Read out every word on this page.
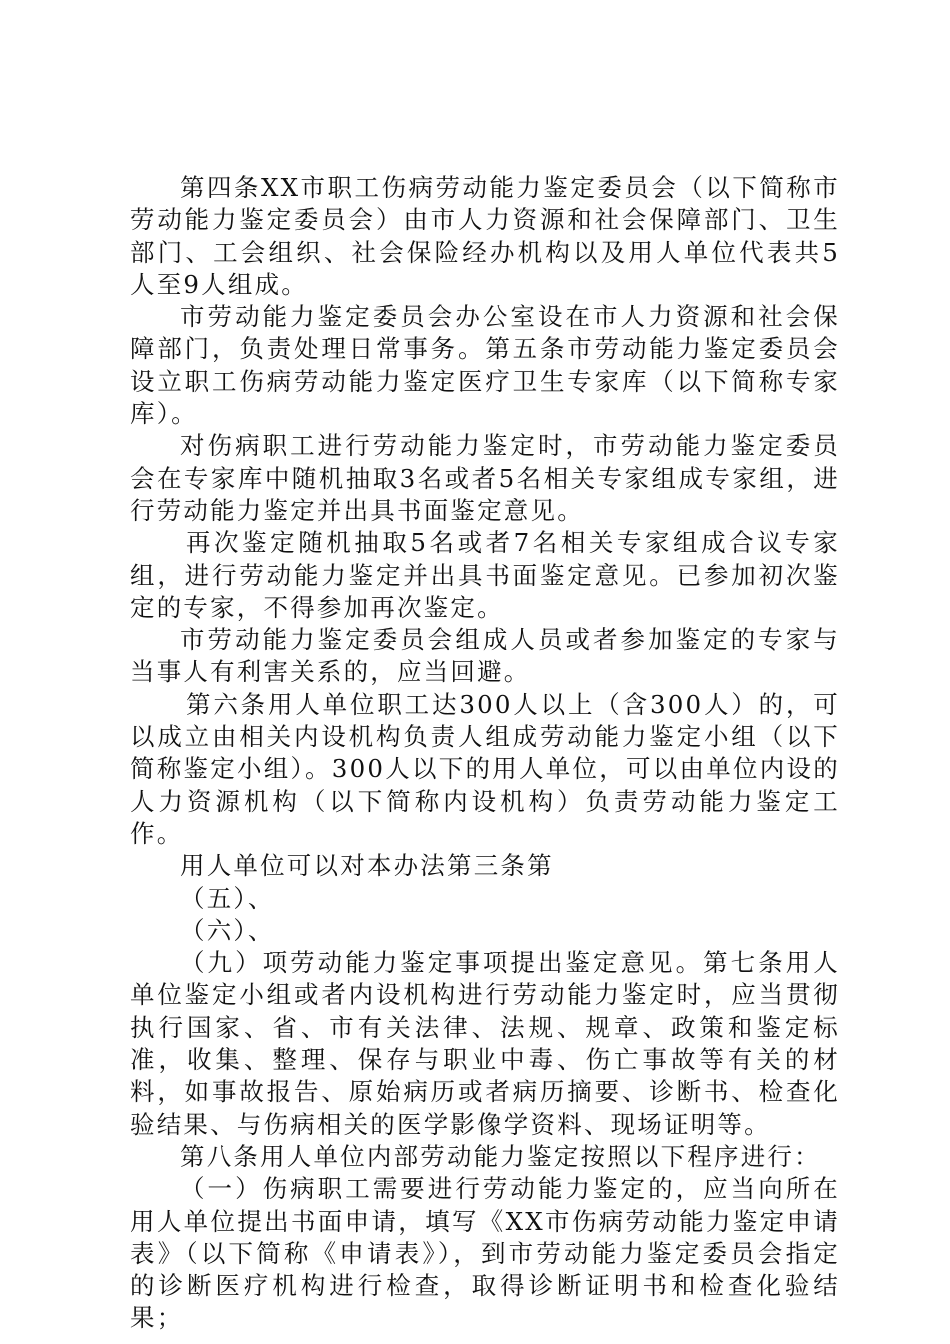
第四条XX市职工伤病劳动能力鉴定委员会（以下简称市劳动能力鉴定委员会）由市人力资源和社会保障部门、卫生部门、工会组织、社会保险经办机构以及用人单位代表共5人至9人组成。

市劳动能力鉴定委员会办公室设在市人力资源和社会保障部门，负责处理日常事务。第五条市劳动能力鉴定委员会设立职工伤病劳动能力鉴定医疗卫生专家库（以下简称专家库）。

对伤病职工进行劳动能力鉴定时，市劳动能力鉴定委员会在专家库中随机抽取3名或者5名相关专家组成专家组，进行劳动能力鉴定并出具书面鉴定意见。

再次鉴定随机抽取5名或者7名相关专家组成合议专家组，进行劳动能力鉴定并出具书面鉴定意见。已参加初次鉴定的专家，不得参加再次鉴定。

市劳动能力鉴定委员会组成人员或者参加鉴定的专家与当事人有利害关系的，应当回避。

第六条用人单位职工达300人以上（含300人）的，可以成立由相关内设机构负责人组成劳动能力鉴定小组（以下简称鉴定小组）。300人以下的用人单位，可以由单位内设的人力资源机构（以下简称内设机构）负责劳动能力鉴定工作。

用人单位可以对本办法第三条第

（五）、

（六）、

（九）项劳动能力鉴定事项提出鉴定意见。第七条用人单位鉴定小组或者内设机构进行劳动能力鉴定时，应当贯彻执行国家、省、市有关法律、法规、规章、政策和鉴定标准，收集、整理、保存与职业中毒、伤亡事故等有关的材料，如事故报告、原始病历或者病历摘要、诊断书、检查化验结果、与伤病相关的医学影像学资料、现场证明等。

第八条用人单位内部劳动能力鉴定按照以下程序进行：

（一）伤病职工需要进行劳动能力鉴定的，应当向所在用人单位提出书面申请，填写《XX市伤病劳动能力鉴定申请表》（以下简称《申请表》），到市劳动能力鉴定委员会指定的诊断医疗机构进行检查，取得诊断证明书和检查化验结果；
